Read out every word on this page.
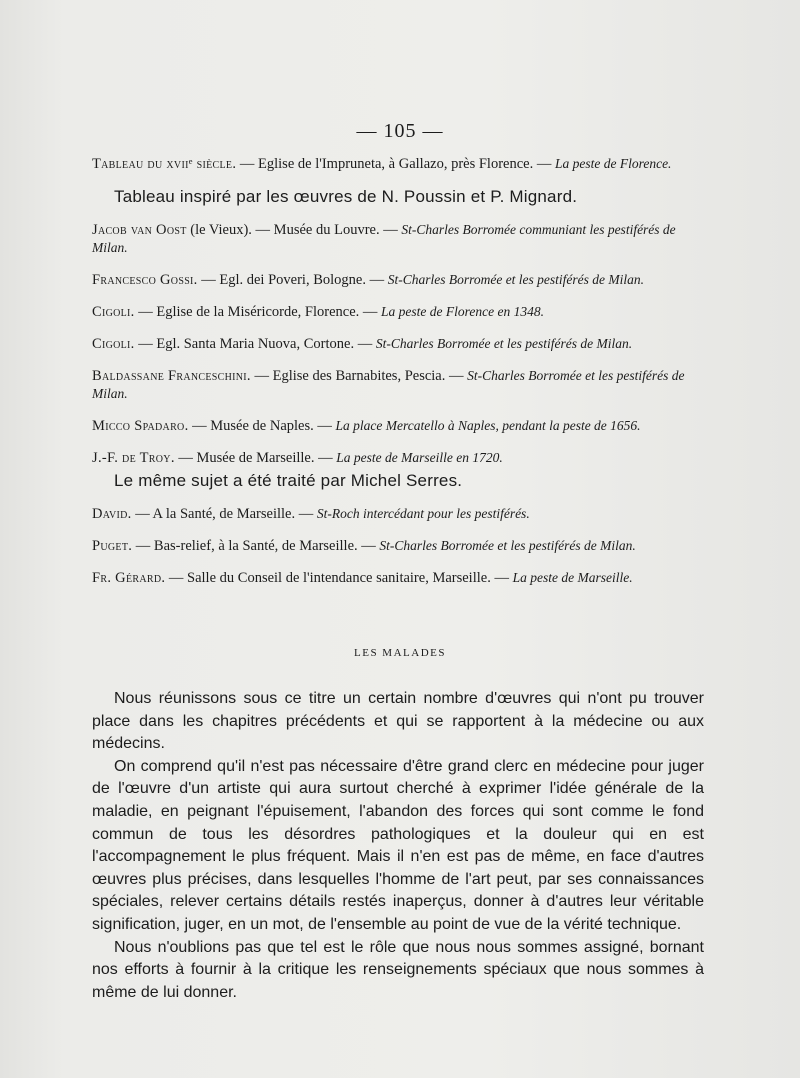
— 105 —
Tableau du xviiᵉ siècle. — Eglise de l'Impruneta, à Gallazo, près Florence. — La peste de Florence.
Tableau inspiré par les œuvres de N. Poussin et P. Mignard.
Jacob van Oost (le Vieux). — Musée du Louvre. — St-Charles Borromée communiant les pestiférés de Milan.
Francesco Gossi. — Egl. dei Poveri, Bologne. — St-Charles Borromée et les pestiférés de Milan.
Cigoli. — Eglise de la Miséricorde, Florence. — La peste de Florence en 1348.
Cigoli. — Egl. Santa Maria Nuova, Cortone. — St-Charles Borromée et les pestiférés de Milan.
Baldassane Franceschini. — Eglise des Barnabites, Pescia. — St-Charles Borromée et les pestiférés de Milan.
Micco Spadaro. — Musée de Naples. — La place Mercatello à Naples, pendant la peste de 1656.
J.-F. de Troy. — Musée de Marseille. — La peste de Marseille en 1720.
Le même sujet a été traité par Michel Serres.
David. — A la Santé, de Marseille. — St-Roch intercédant pour les pestiférés.
Puget. — Bas-relief, à la Santé, de Marseille. — St-Charles Borromée et les pestiférés de Milan.
Fr. Gérard. — Salle du Conseil de l'intendance sanitaire, Marseille. — La peste de Marseille.
LES MALADES

Nous réunissons sous ce titre un certain nombre d'œuvres qui n'ont pu trouver place dans les chapitres précédents et qui se rapportent à la médecine ou aux médecins.

On comprend qu'il n'est pas nécessaire d'être grand clerc en médecine pour juger de l'œuvre d'un artiste qui aura surtout cherché à exprimer l'idée générale de la maladie, en peignant l'épuisement, l'abandon des forces qui sont comme le fond commun de tous les désordres pathologiques et la douleur qui en est l'accompagnement le plus fréquent. Mais il n'en est pas de même, en face d'autres œuvres plus précises, dans lesquelles l'homme de l'art peut, par ses connaissances spéciales, relever certains détails restés inaperçus, donner à d'autres leur véritable signification, juger, en un mot, de l'ensemble au point de vue de la vérité technique.

Nous n'oublions pas que tel est le rôle que nous nous sommes assigné, bornant nos efforts à fournir à la critique les renseignements spéciaux que nous sommes à même de lui donner.
